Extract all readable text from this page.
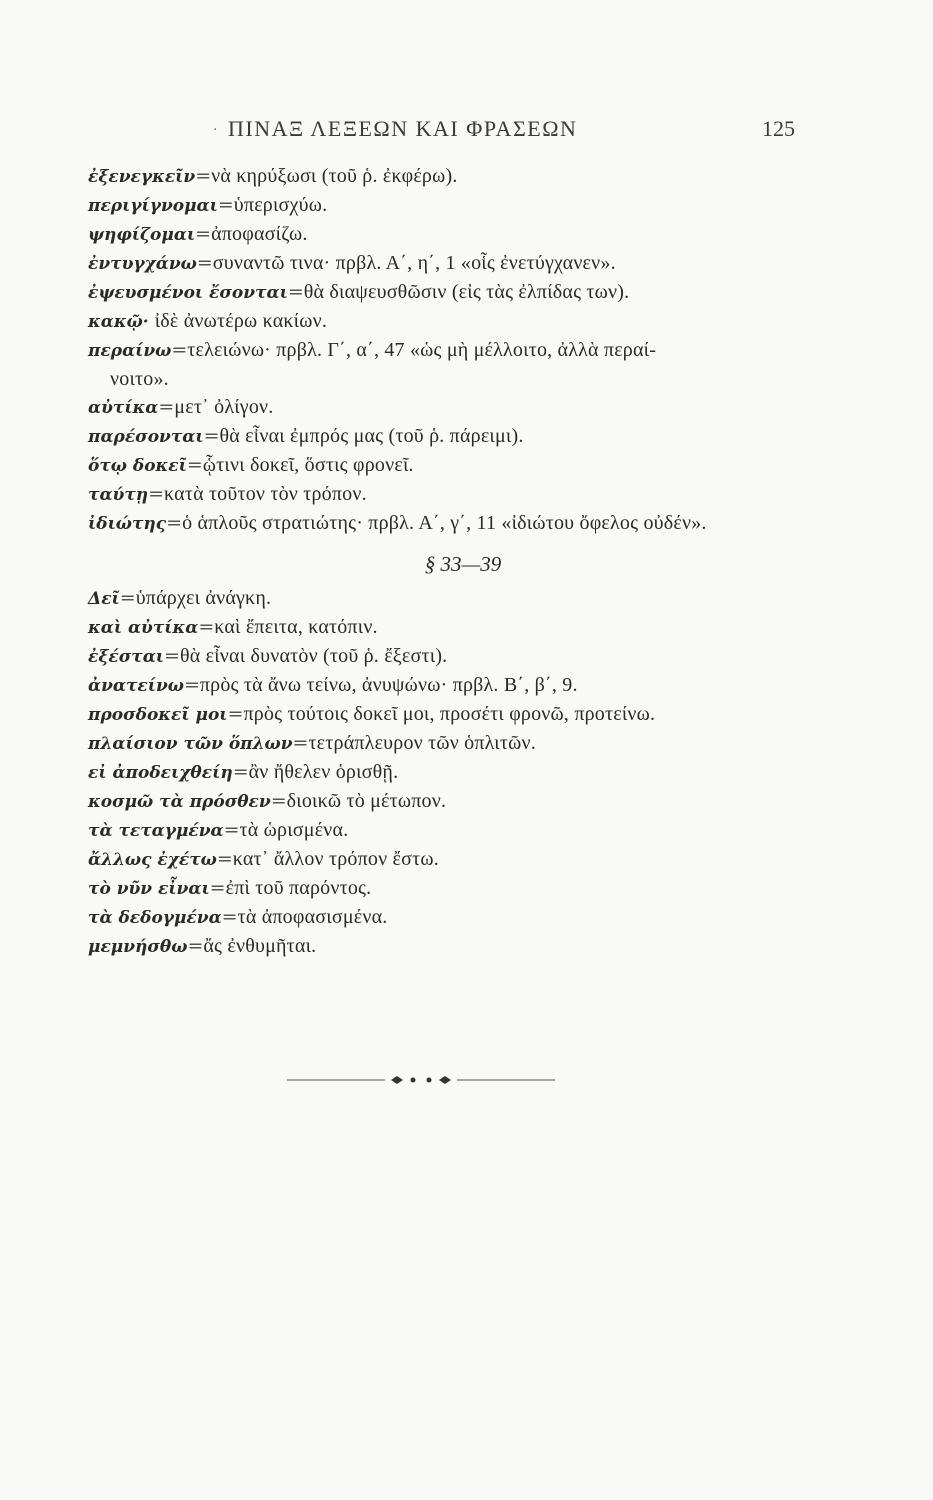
· ΠΙΝΑΞ ΛΕΞΕΩΝ ΚΑΙ ΦΡΑΣΕΩΝ	125
ἐξενεγκεῖν=νὰ κηρύξωσι (τοῦ ῥ. ἐκφέρω).
περιγίγνομαι=ὑπερισχύω.
ψηφίζομαι=ἀποφασίζω.
ἐντυγχάνω=συναντῶ τινα· πρβλ. Α΄, η΄, 1 «οἷς ἐνετύγχανεν».
ἐψευσμένοι ἔσονται=θὰ διαψευσθῶσιν (εἰς τὰς ἐλπίδας των).
κακῷ· ἰδὲ ἀνωτέρω κακίων.
περαίνω=τελειώνω· πρβλ. Γ΄, α΄, 47 «ὡς μὴ μέλλοιτο, ἀλλὰ περαί-
νοιτο».
αὐτίκα=μετ᾽ ὀλίγον.
παρέσονται=θὰ εἶναι ἐμπρός μας (τοῦ ῥ. πάρειμι).
ὅτῳ δοκεῖ=ᾧτινι δοκεῖ, ὅστις φρονεῖ.
ταύτῃ=κατὰ τοῦτον τὸν τρόπον.
ἰδιώτης=ὁ ἁπλοῦς στρατιώτης· πρβλ. Α΄, γ΄, 11 «ἰδιώτου ὄφελος οὐδέν».
§ 33—39
Δεῖ=ὑπάρχει ἀνάγκη.
καὶ αὐτίκα=καὶ ἔπειτα, κατόπιν.
ἐξέσται=θὰ εἶναι δυνατὸν (τοῦ ῥ. ἔξεστι).
ἀνατείνω=πρὸς τὰ ἄνω τείνω, ἀνυψώνω· πρβλ. Β΄, β΄, 9.
προσδοκεῖ μοι=πρὸς τούτοις δοκεῖ μοι, προσέτι φρονῶ, προτείνω.
πλαίσιον τῶν ὅπλων=τετράπλευρον τῶν ὁπλιτῶν.
εἰ ἀποδειχθείη=ἂν ἤθελεν ὁρισθῇ.
κοσμῶ τὰ πρόσθεν=διοικῶ τὸ μέτωπον.
τὰ τεταγμένα=τὰ ὡρισμένα.
ἄλλως ἐχέτω=κατ᾽ ἄλλον τρόπον ἔστω.
τὸ νῦν εἶναι=ἐπὶ τοῦ παρόντος.
τὰ δεδογμένα=τὰ ἀποφασισμένα.
μεμνήσθω=ἄς ἐνθυμῆται.
